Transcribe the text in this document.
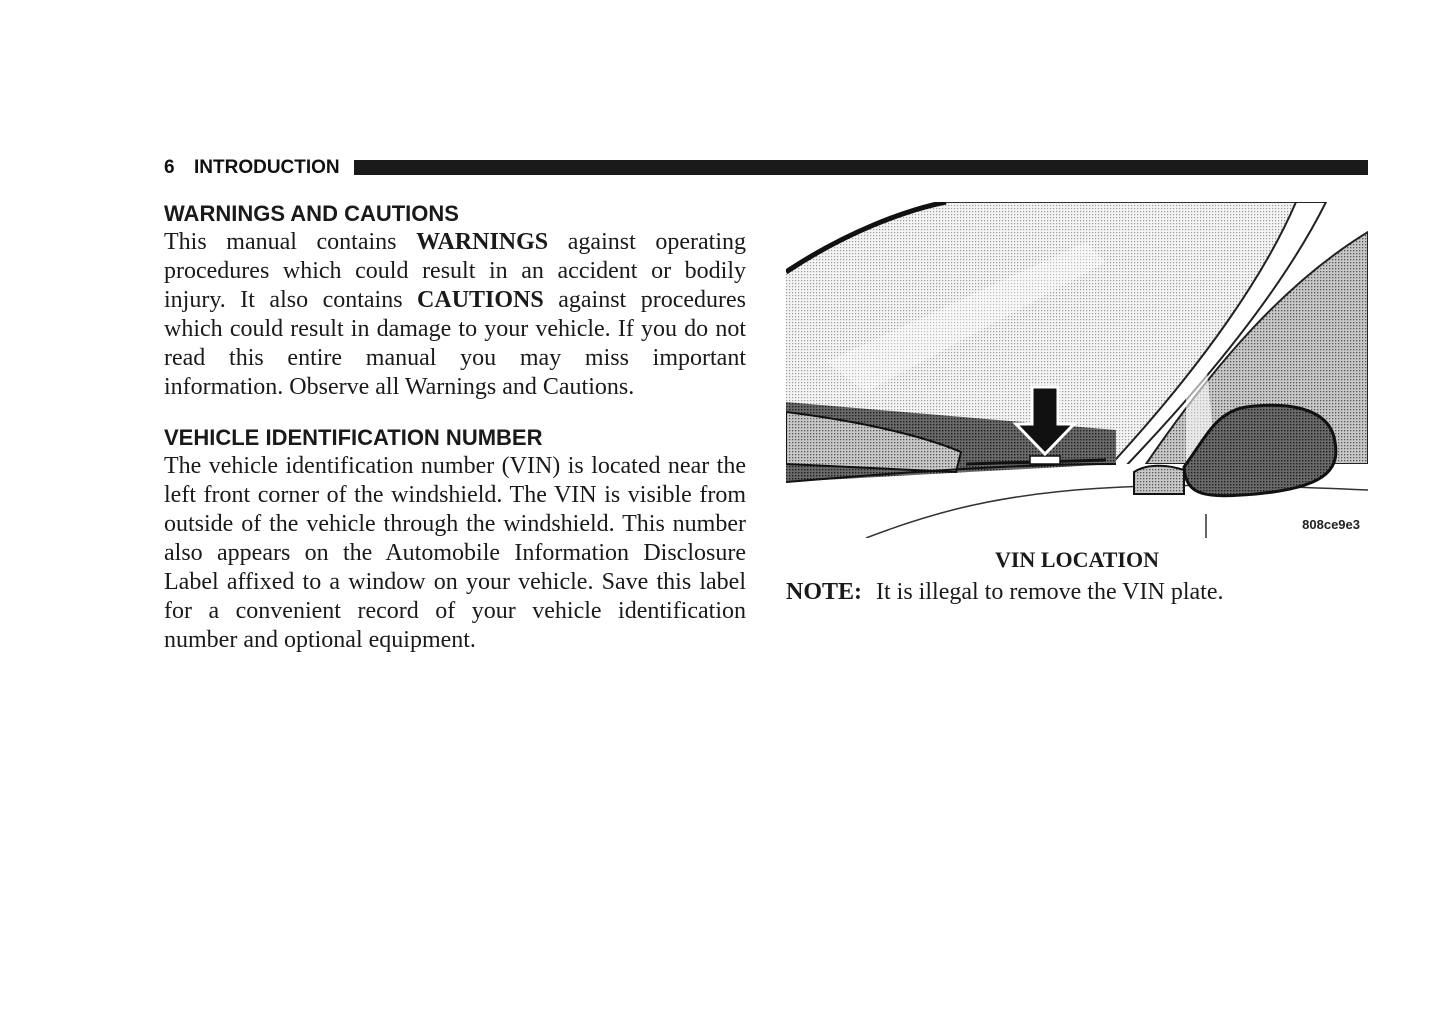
6 INTRODUCTION
WARNINGS AND CAUTIONS

This manual contains WARNINGS against operating procedures which could result in an accident or bodily injury. It also contains CAUTIONS against procedures which could result in damage to your vehicle. If you do not read this entire manual you may miss important information. Observe all Warnings and Cautions.

VEHICLE IDENTIFICATION NUMBER

The vehicle identification number (VIN) is located near the left front corner of the windshield. The VIN is visible from outside of the vehicle through the windshield. This number also appears on the Automobile Information Disclosure Label affixed to a window on your vehicle. Save this label for a convenient record of your vehicle identification number and optional equipment.

808ce9e3
VIN LOCATION
NOTE: It is illegal to remove the VIN plate.
